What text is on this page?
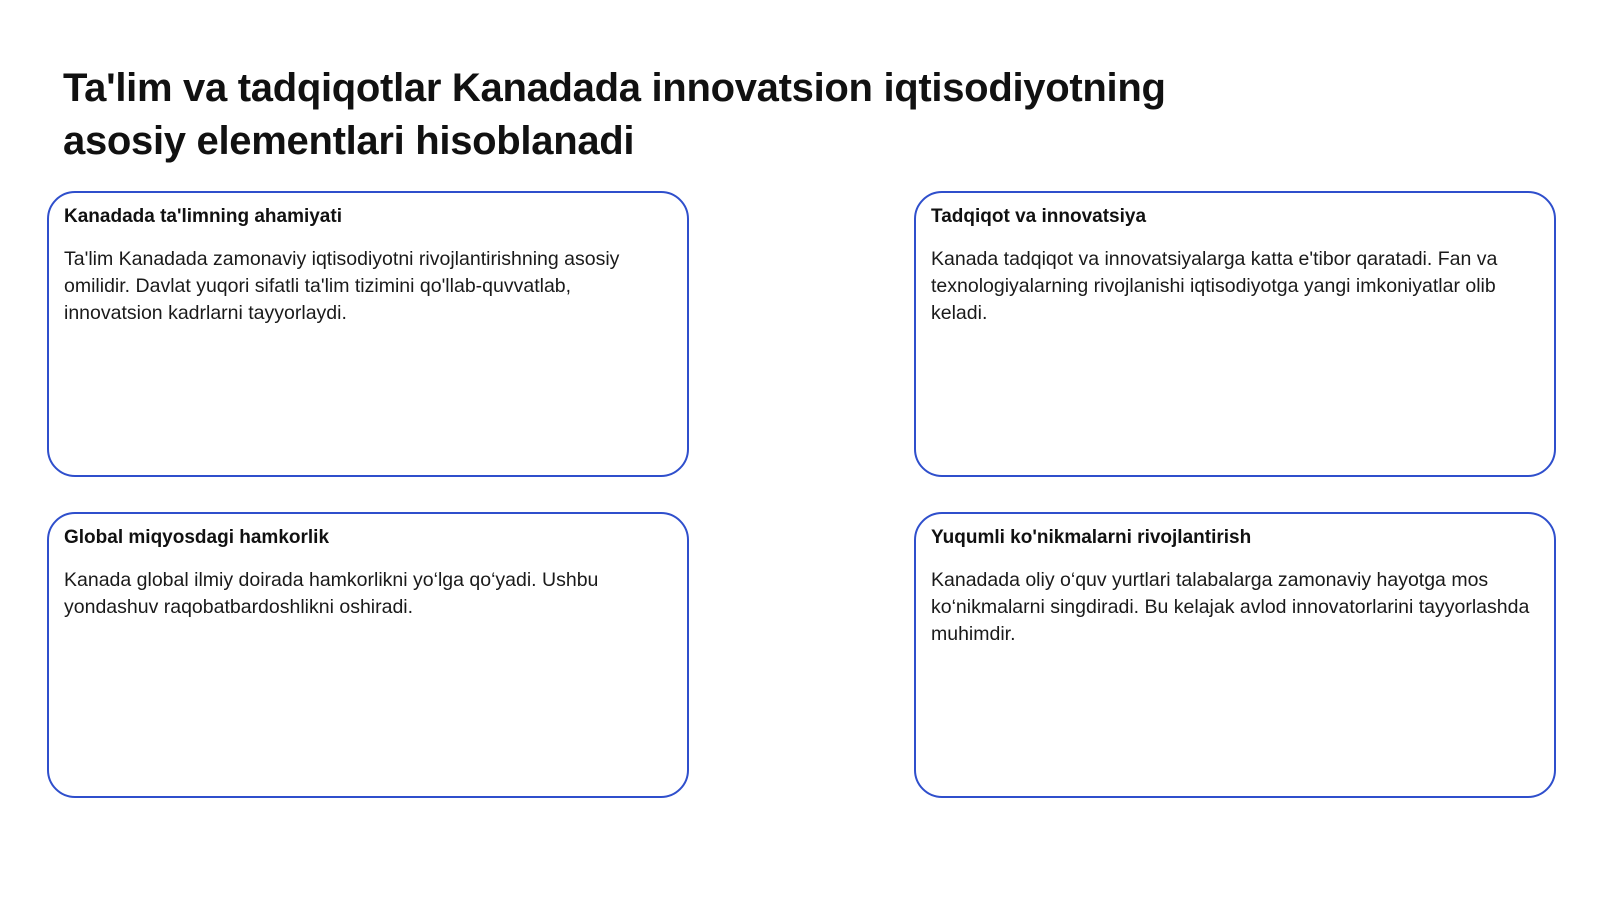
Ta'lim va tadqiqotlar Kanadada innovatsion iqtisodiyotning asosiy elementlari hisoblanadi
Kanadada ta'limning ahamiyati

Ta'lim Kanadada zamonaviy iqtisodiyotni rivojlantirishning asosiy omilidir. Davlat yuqori sifatli ta'lim tizimini qo'llab-quvvatlab, innovatsion kadrlarni tayyorlaydi.

Tadqiqot va innovatsiya

Kanada tadqiqot va innovatsiyalarga katta e'tibor qaratadi. Fan va texnologiyalarning rivojlanishi iqtisodiyotga yangi imkoniyatlar olib keladi.

Global miqyosdagi hamkorlik

Kanada global ilmiy doirada hamkorlikni yo‘lga qo‘yadi. Ushbu yondashuv raqobatbardoshlikni oshiradi.

Yuqumli ko'nikmalarni rivojlantirish

Kanadada oliy o‘quv yurtlari talabalarga zamonaviy hayotga mos ko‘nikmalarni singdiradi. Bu kelajak avlod innovatorlarini tayyorlashda muhimdir.
